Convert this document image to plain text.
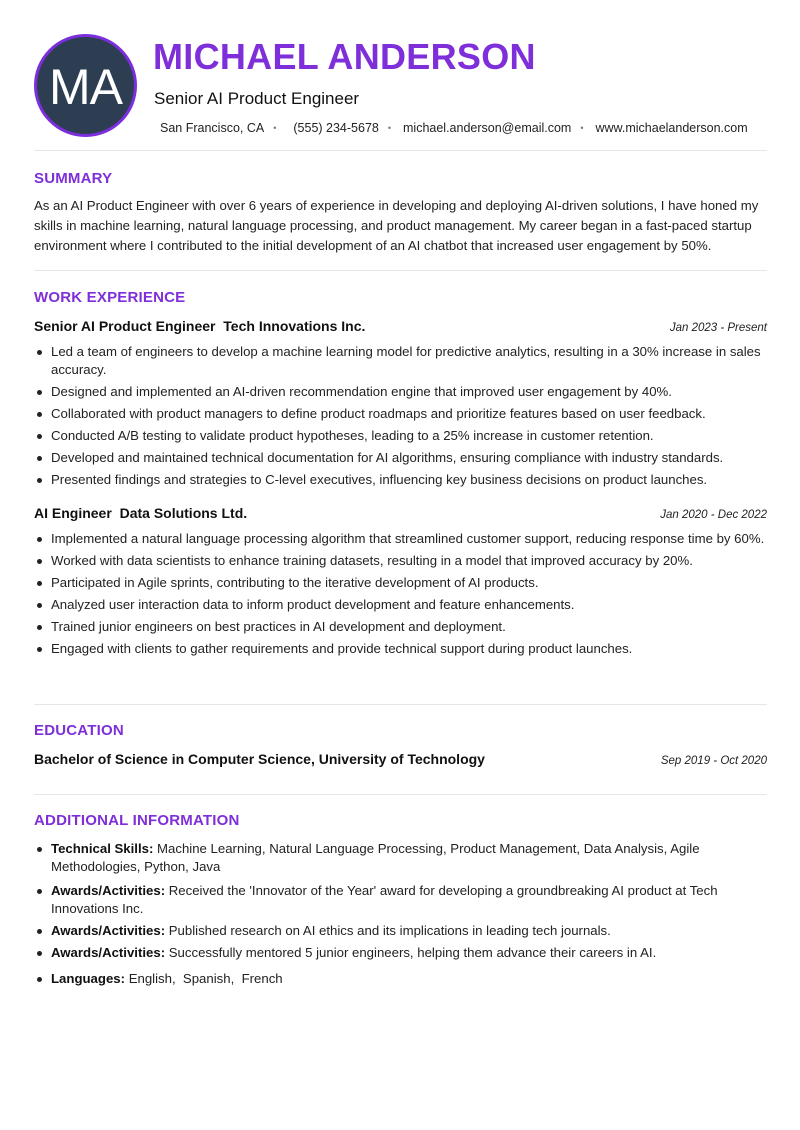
MA
MICHAEL ANDERSON
Senior AI Product Engineer
San Francisco, CA • (555) 234-5678 • michael.anderson@email.com • www.michaelanderson.com
SUMMARY
As an AI Product Engineer with over 6 years of experience in developing and deploying AI-driven solutions, I have honed my skills in machine learning, natural language processing, and product management. My career began in a fast-paced startup environment where I contributed to the initial development of an AI chatbot that increased user engagement by 50%.
WORK EXPERIENCE
Senior AI Product Engineer Tech Innovations Inc.	Jan 2023 - Present
Led a team of engineers to develop a machine learning model for predictive analytics, resulting in a 30% increase in sales accuracy.
Designed and implemented an AI-driven recommendation engine that improved user engagement by 40%.
Collaborated with product managers to define product roadmaps and prioritize features based on user feedback.
Conducted A/B testing to validate product hypotheses, leading to a 25% increase in customer retention.
Developed and maintained technical documentation for AI algorithms, ensuring compliance with industry standards.
Presented findings and strategies to C-level executives, influencing key business decisions on product launches.
AI Engineer Data Solutions Ltd.	Jan 2020 - Dec 2022
Implemented a natural language processing algorithm that streamlined customer support, reducing response time by 60%.
Worked with data scientists to enhance training datasets, resulting in a model that improved accuracy by 20%.
Participated in Agile sprints, contributing to the iterative development of AI products.
Analyzed user interaction data to inform product development and feature enhancements.
Trained junior engineers on best practices in AI development and deployment.
Engaged with clients to gather requirements and provide technical support during product launches.
EDUCATION
Bachelor of Science in Computer Science, University of Technology	Sep 2019 - Oct 2020
ADDITIONAL INFORMATION
Technical Skills: Machine Learning, Natural Language Processing, Product Management, Data Analysis, Agile Methodologies, Python, Java
Awards/Activities: Received the 'Innovator of the Year' award for developing a groundbreaking AI product at Tech Innovations Inc.
Awards/Activities: Published research on AI ethics and its implications in leading tech journals.
Awards/Activities: Successfully mentored 5 junior engineers, helping them advance their careers in AI.
Languages: English,  Spanish,  French
